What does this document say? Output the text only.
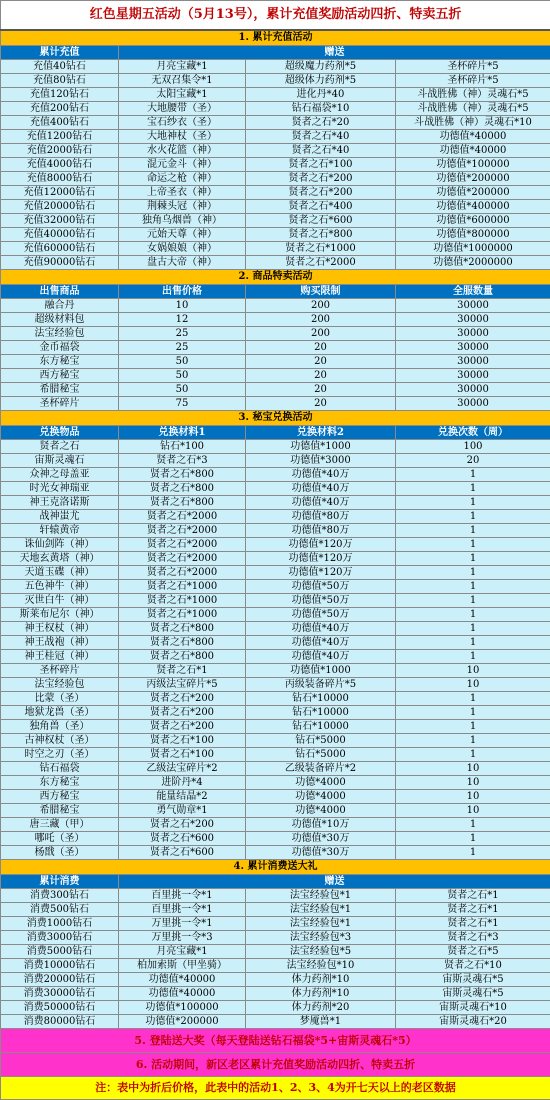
红色星期五活动（5月13号），累计充值奖励活动四折、特卖五折			
1. 累计充值活动			
累计充值	赠送		
充值40钻石	月亮宝藏*1	超级魔力药剂*5	圣杯碎片*5
充值80钻石	无双召集令*1	超级体力药剂*5	圣杯碎片*5
充值120钻石	太阳宝藏*1	进化丹*40	斗战胜佛（神）灵魂石*5
充值200钻石	大地腰带（圣）	钻石福袋*10	斗战胜佛（神）灵魂石*5
充值400钻石	宝石纱衣（圣）	贤者之石*20	斗战胜佛（神）灵魂石*10
充值1200钻石	大地神杖（圣）	贤者之石*40	功德值*40000
充值2000钻石	水火花篮（神）	贤者之石*40	功德值*40000
充值4000钻石	混元金斗（神）	贤者之石*100	功德值*100000
充值8000钻石	命运之枪（神）	贤者之石*200	功德值*200000
充值12000钻石	上帝圣衣（神）	贤者之石*200	功德值*200000
充值20000钻石	荆棘头冠（神）	贤者之石*400	功德值*400000
充值32000钻石	独角乌烟兽（神）	贤者之石*600	功德值*600000
充值40000钻石	元始天尊（神）	贤者之石*800	功德值*800000
充值60000钻石	女娲娘娘（神）	贤者之石*1000	功德值*1000000
充值90000钻石	盘古大帝（神）	贤者之石*2000	功德值*2000000
2. 商品特卖活动			
出售商品	出售价格	购买限制	全服数量
融合丹	10	200	30000
超级材料包	12	200	30000
法宝经验包	25	200	30000
金币福袋	25	20	30000
东方秘宝	50	20	30000
西方秘宝	50	20	30000
希腊秘宝	50	20	30000
圣杯碎片	75	20	30000
3. 秘宝兑换活动			
兑换物品	兑换材料1	兑换材料2	兑换次数（周）
贤者之石	钻石*100	功德值*1000	100
宙斯灵魂石	贤者之石*3	功德值*3000	20
众神之母盖亚	贤者之石*800	功德值*40万	1
时光女神瑞亚	贤者之石*800	功德值*40万	1
神王克洛诺斯	贤者之石*800	功德值*40万	1
战神蚩尤	贤者之石*2000	功德值*80万	1
轩辕黄帝	贤者之石*2000	功德值*80万	1
诛仙剑阵（神）	贤者之石*2000	功德值*120万	1
天地玄黄塔（神）	贤者之石*2000	功德值*120万	1
天道玉碟（神）	贤者之石*2000	功德值*120万	1
五色神牛（神）	贤者之石*1000	功德值*50万	1
灭世白牛（神）	贤者之石*1000	功德值*50万	1
斯莱布尼尔（神）	贤者之石*1000	功德值*50万	1
神王权杖（神）	贤者之石*800	功德值*40万	1
神王战袍（神）	贤者之石*800	功德值*40万	1
神王桂冠（神）	贤者之石*800	功德值*40万	1
圣杯碎片	贤者之石*1	功德值*1000	10
法宝经验包	丙级法宝碎片*5	丙级装备碎片*5	10
比蒙（圣）	贤者之石*200	钻石*10000	1
地狱龙兽（圣）	贤者之石*200	钻石*10000	1
独角兽（圣）	贤者之石*200	钻石*10000	1
古神权杖（圣）	贤者之石*100	钻石*5000	1
时空之刃（圣）	贤者之石*100	钻石*5000	1
钻石福袋	乙级法宝碎片*2	乙级装备碎片*2	10
东方秘宝	进阶丹*4	功德*4000	10
西方秘宝	能量结晶*2	功德*4000	10
希腊秘宝	勇气勋章*1	功德*4000	10
唐三藏（甲）	贤者之石*200	功德值*10万	1
哪吒（圣）	贤者之石*600	功德值*30万	1
杨戬（圣）	贤者之石*600	功德值*30万	1
4. 累计消费送大礼			
累计消费	赠送		
消费300钻石	百里挑一令*1	法宝经验包*1	贤者之石*1
消费500钻石	百里挑一令*1	法宝经验包*1	贤者之石*1
消费1000钻石	万里挑一令*1	法宝经验包*1	贤者之石*1
消费3000钻石	万里挑一令*3	法宝经验包*3	贤者之石*3
消费5000钻石	月亮宝藏*1	法宝经验包*5	贤者之石*5
消费10000钻石	柏加索斯（甲坐骑）	法宝经验包*10	贤者之石*10
消费20000钻石	功德值*40000	体力药剂*10	宙斯灵魂石*5
消费30000钻石	功德值*40000	体力药剂*10	宙斯灵魂石*5
消费50000钻石	功德值*100000	体力药剂*20	宙斯灵魂石*10
消费80000钻石	功德值*200000	梦魇兽*1	宙斯灵魂石*20
5. 登陆送大奖（每天登陆送钻石福袋*5+宙斯灵魂石*5）			
6. 活动期间，新区老区累计充值奖励活动四折、特卖五折			
注：表中为折后价格，此表中的活动1、2、3、4为开七天以上的老区数据			
